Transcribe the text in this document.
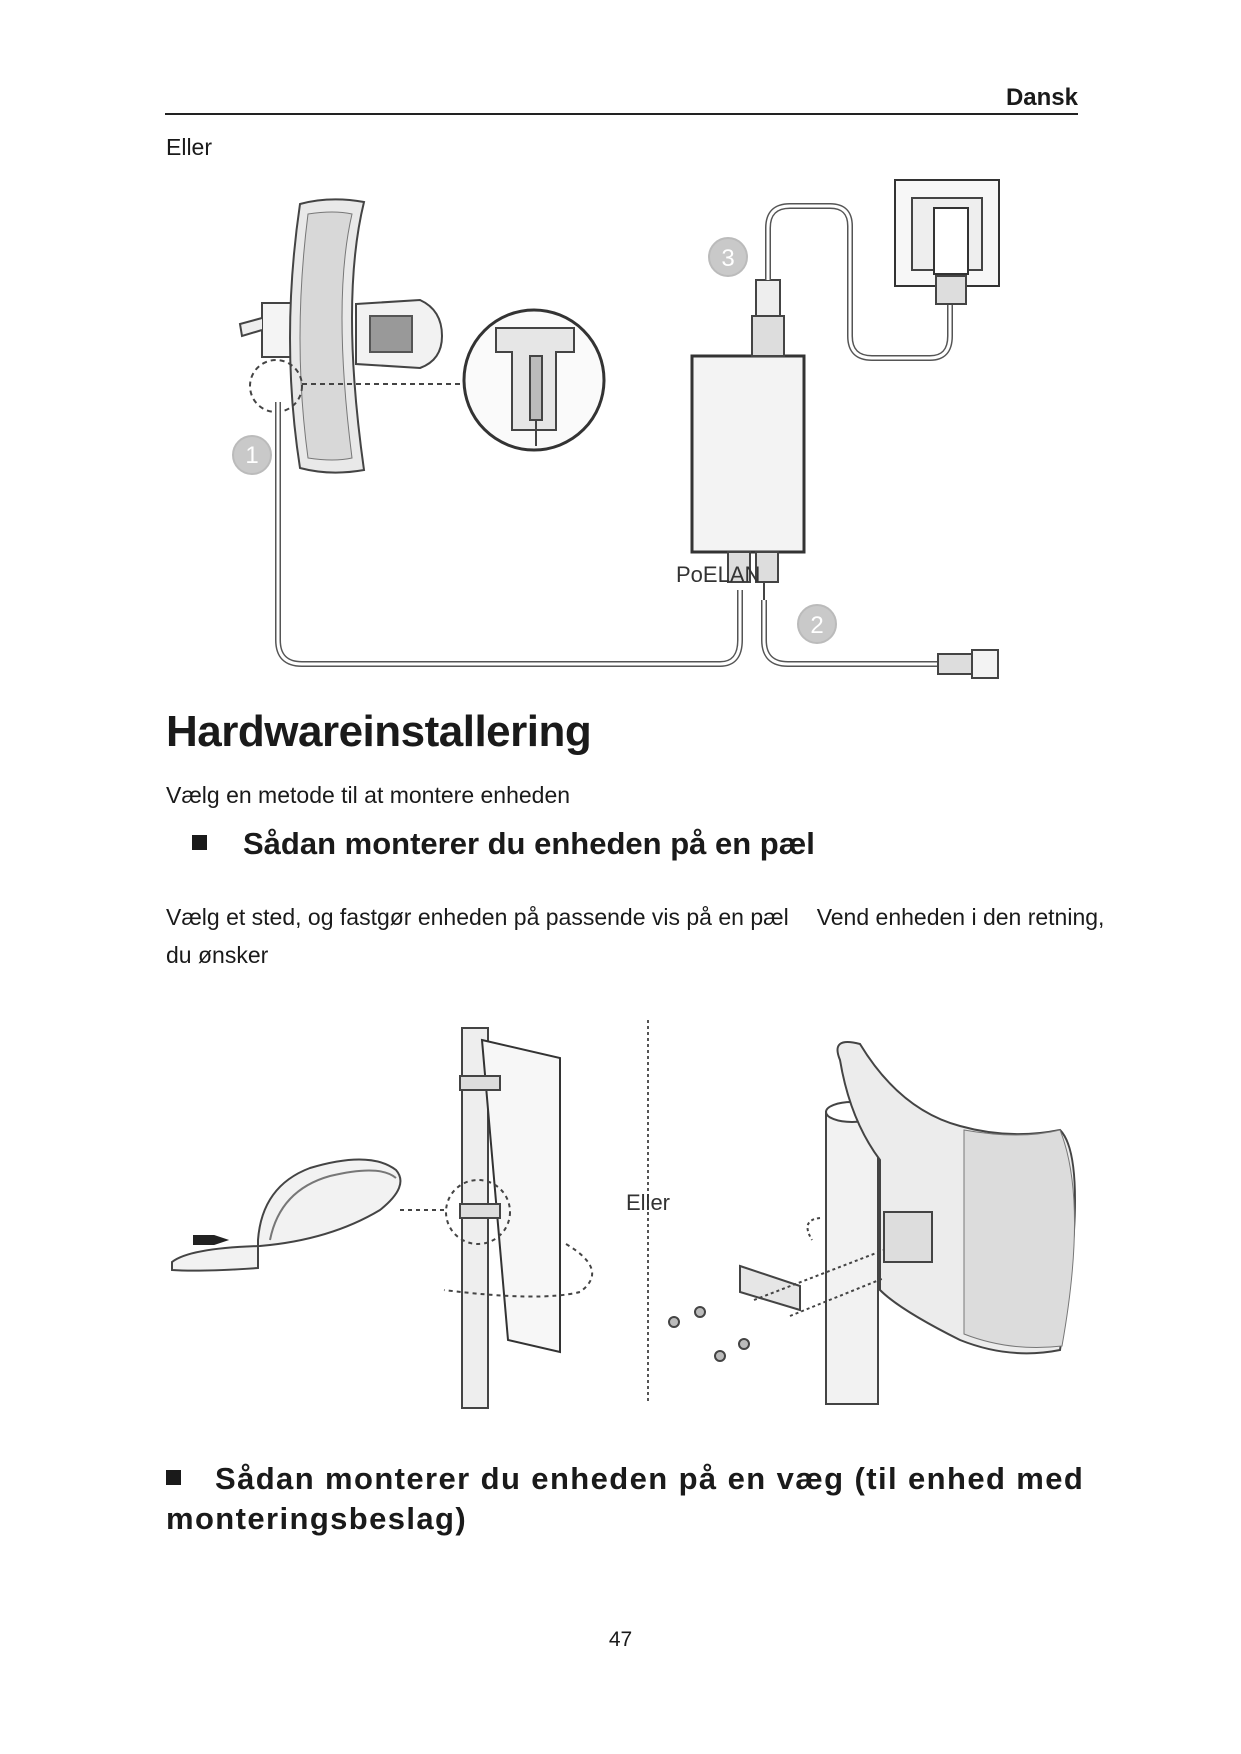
Dansk
Eller
1
3
2
PoELAN
Eller
Hardwareinstallering
Vælg en metode til at montere enheden
Sådan monterer du enheden på en pæl
Vælg et sted, og fastgør enheden på passende vis på en pæl Vend enheden i den retning, du ønsker
Sådan monterer du enheden på en væg (til enhed med monteringsbeslag)
47
